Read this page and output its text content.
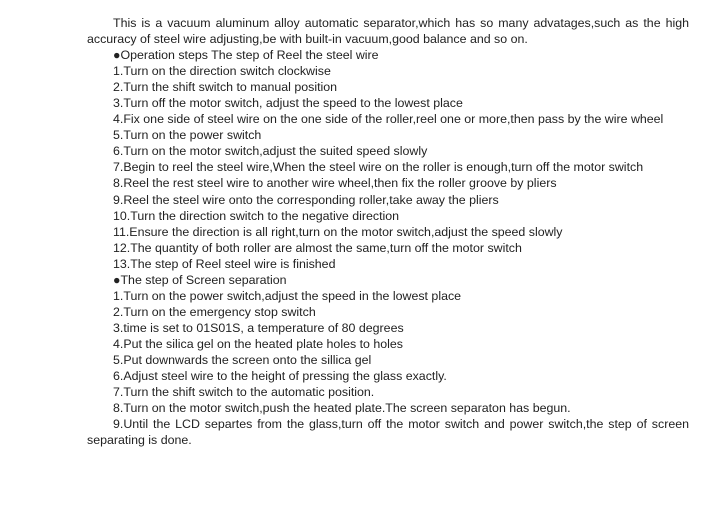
This is a vacuum aluminum alloy automatic separator,which has so many advatages,such as the high accuracy of steel wire adjusting,be with built-in vacuum,good balance and so on.

●Operation steps The step of Reel the steel wire

1.Turn on the direction switch clockwise

2.Turn the shift switch to manual position

3.Turn off the motor switch, adjust the speed to the lowest place

4.Fix one side of steel wire on the one side of the roller,reel one or more,then pass by the wire wheel

5.Turn on the power switch

6.Turn on the motor switch,adjust the suited speed slowly

7.Begin to reel the steel wire,When the steel wire on the roller is enough,turn off the motor switch

8.Reel the rest steel wire to another wire wheel,then fix the roller groove by pliers

9.Reel the steel wire onto the corresponding roller,take away the pliers

10.Turn the direction switch to the negative direction

11.Ensure the direction is all right,turn on the motor switch,adjust the speed slowly

12.The quantity of both roller are almost the same,turn off the motor switch

13.The step of Reel steel wire is finished

●The step of Screen separation

1.Turn on the power switch,adjust the speed in the lowest place

2.Turn on the emergency stop switch

3.time is set to 01S01S, a temperature of 80 degrees

4.Put the silica gel on the heated plate holes to holes

5.Put downwards the screen onto the sillica gel

6.Adjust steel wire to the height of pressing the glass exactly.

7.Turn the shift switch to the automatic position.

8.Turn on the motor switch,push the heated plate.The screen separaton has begun.

9.Until the LCD separtes from the glass,turn off the motor switch and power switch,the step of screen separating is done.
